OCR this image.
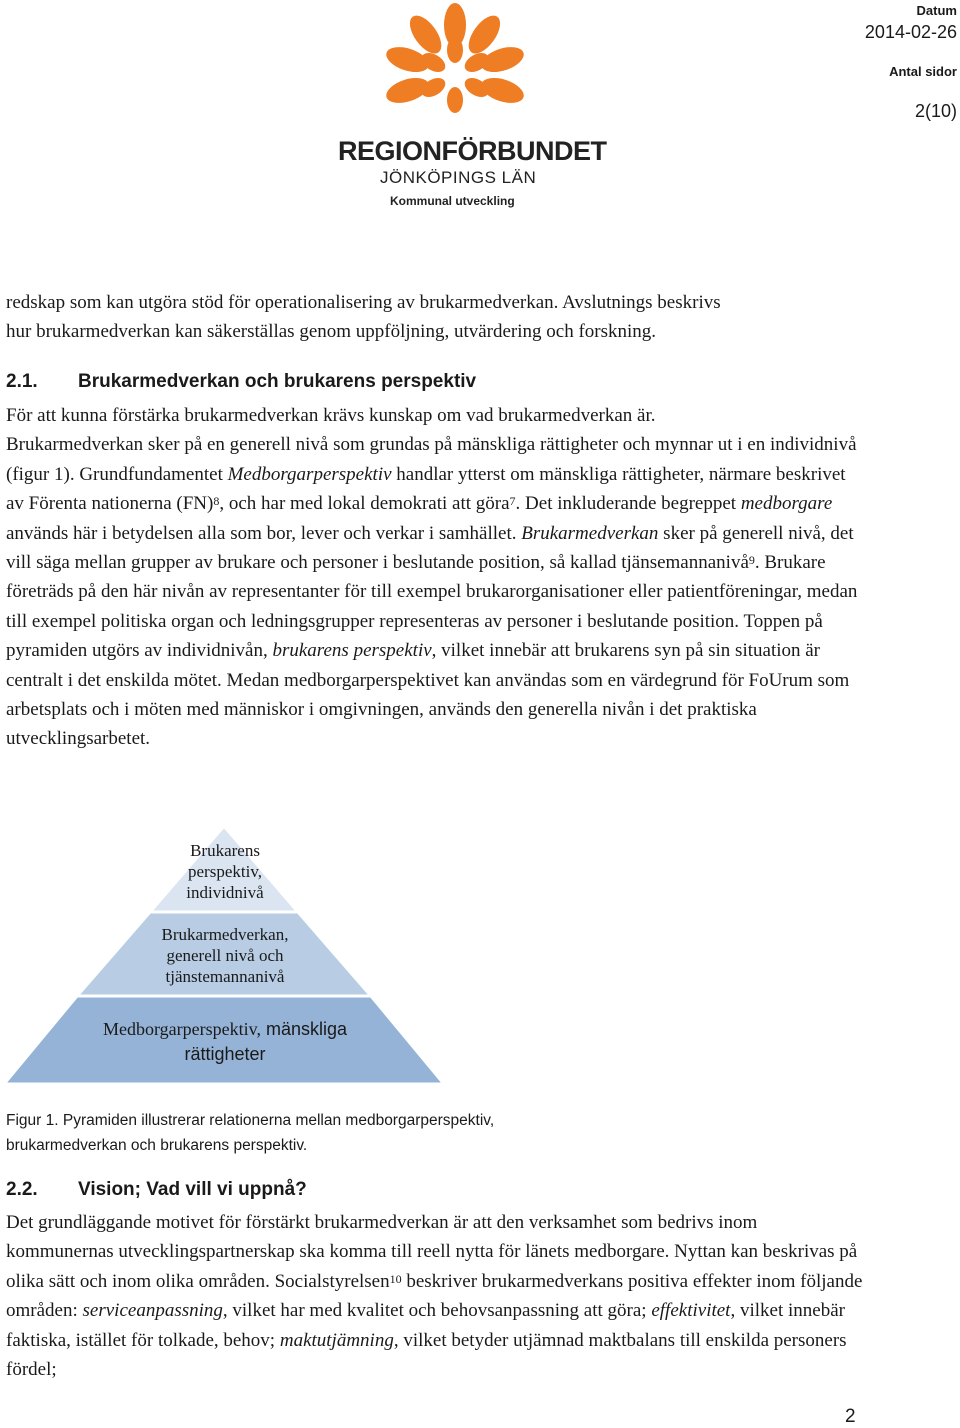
REGIONFÖRBUNDET
JÖNKÖPINGS LÄN
Kommunal utveckling
Datum
2014-02-26
Antal sidor
2(10)
redskap som kan utgöra stöd för operationalisering av brukarmedverkan. Avslutnings beskrivs
hur brukarmedverkan kan säkerställas genom uppföljning, utvärdering och forskning.
2.1. Brukarmedverkan och brukarens perspektiv

För att kunna förstärka brukarmedverkan krävs kunskap om vad brukarmedverkan är.

Brukarmedverkan sker på en generell nivå som grundas på mänskliga rättigheter och mynnar ut i en individnivå (figur 1). Grundfundamentet Medborgarperspektiv handlar ytterst om mänskliga rättigheter, närmare beskrivet av Förenta nationerna (FN)$^8$, och har med lokal demokrati att göra$^7$. Det inkluderande begreppet medborgare används här i betydelsen alla som bor, lever och verkar i samhället. Brukarmedverkan sker på generell nivå, det vill säga mellan grupper av brukare och personer i beslutande position, så kallad tjänsemannanivå$^9$. Brukare företräds på den här nivån av representanter för till exempel brukarorganisationer eller patientföreningar, medan till exempel politiska organ och ledningsgrupper representeras av personer i beslutande position. Toppen på pyramiden utgörs av individnivån, brukarens perspektiv, vilket innebär att brukarens syn på sin situation är centralt i det enskilda mötet. Medan medborgarperspektivet kan användas som en värdegrund för FoUrum som arbetsplats och i möten med människor i omgivningen, används den generella nivån i det praktiska utvecklingsarbetet.

Brukarens
perspektiv,
individnivå
Brukarmedverkan,
generell nivå och
tjänstemannanivå
Medborgarperspektiv, mänskliga
rättigheter
Figur 1. Pyramiden illustrerar relationerna mellan medborgarperspektiv,
brukarmedverkan och brukarens perspektiv.
2.2. Vision; Vad vill vi uppnå?

Det grundläggande motivet för förstärkt brukarmedverkan är att den verksamhet som bedrivs inom kommunernas utvecklingspartnerskap ska komma till reell nytta för länets medborgare. Nyttan kan beskrivas på olika sätt och inom olika områden. Socialstyrelsen$^{10}$ beskriver brukarmedverkans positiva effekter inom följande områden: serviceanpassning, vilket har med kvalitet och behovsanpassning att göra; effektivitet, vilket innebär faktiska, istället för tolkade, behov; maktutjämning, vilket betyder utjämnad maktbalans till enskilda personers fördel;

2
